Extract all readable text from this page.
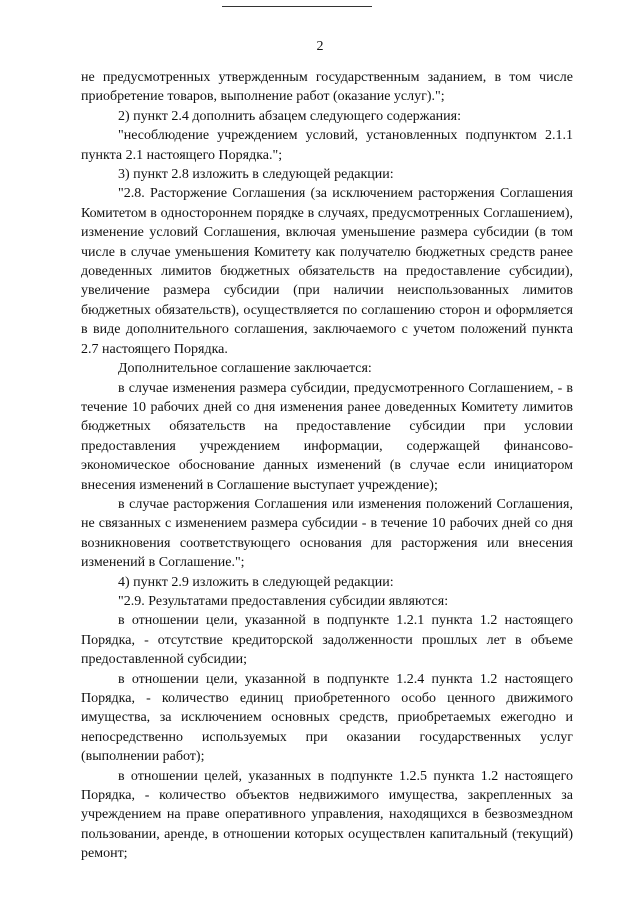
2

не предусмотренных утвержденным государственным заданием, в том числе приобретение товаров, выполнение работ (оказание услуг).";

2) пункт 2.4 дополнить абзацем следующего содержания:

"несоблюдение учреждением условий, установленных подпунктом 2.1.1 пункта 2.1 настоящего Порядка.";

3) пункт 2.8 изложить в следующей редакции:

"2.8. Расторжение Соглашения (за исключением расторжения Соглашения Комитетом в одностороннем порядке в случаях, предусмотренных Соглашением), изменение условий Соглашения, включая уменьшение размера субсидии (в том числе в случае уменьшения Комитету как получателю бюджетных средств ранее доведенных лимитов бюджетных обязательств на предоставление субсидии), увеличение размера субсидии (при наличии неиспользованных лимитов бюджетных обязательств), осуществляется по соглашению сторон и оформляется в виде дополнительного соглашения, заключаемого с учетом положений пункта 2.7 настоящего Порядка.

Дополнительное соглашение заключается:

в случае изменения размера субсидии, предусмотренного Соглашением, - в течение 10 рабочих дней со дня изменения ранее доведенных Комитету лимитов бюджетных обязательств на предоставление субсидии при условии предоставления учреждением информации, содержащей финансово-экономическое обоснование данных изменений (в случае если инициатором внесения изменений в Соглашение выступает учреждение);

в случае расторжения Соглашения или изменения положений Соглашения, не связанных с изменением размера субсидии - в течение 10 рабочих дней со дня возникновения соответствующего основания для расторжения или внесения изменений в Соглашение.";

4) пункт 2.9 изложить в следующей редакции:

"2.9. Результатами предоставления субсидии являются:

в отношении цели, указанной в подпункте 1.2.1 пункта 1.2 настоящего Порядка, - отсутствие кредиторской задолженности прошлых лет в объеме предоставленной субсидии;

в отношении цели, указанной в подпункте 1.2.4 пункта 1.2 настоящего Порядка, - количество единиц приобретенного особо ценного движимого имущества, за исключением основных средств, приобретаемых ежегодно и непосредственно используемых при оказании государственных услуг (выполнении работ);

в отношении целей, указанных в подпункте 1.2.5 пункта 1.2 настоящего Порядка, - количество объектов недвижимого имущества, закрепленных за учреждением на праве оперативного управления, находящихся в безвозмездном пользовании, аренде, в отношении которых осуществлен капитальный (текущий) ремонт;
